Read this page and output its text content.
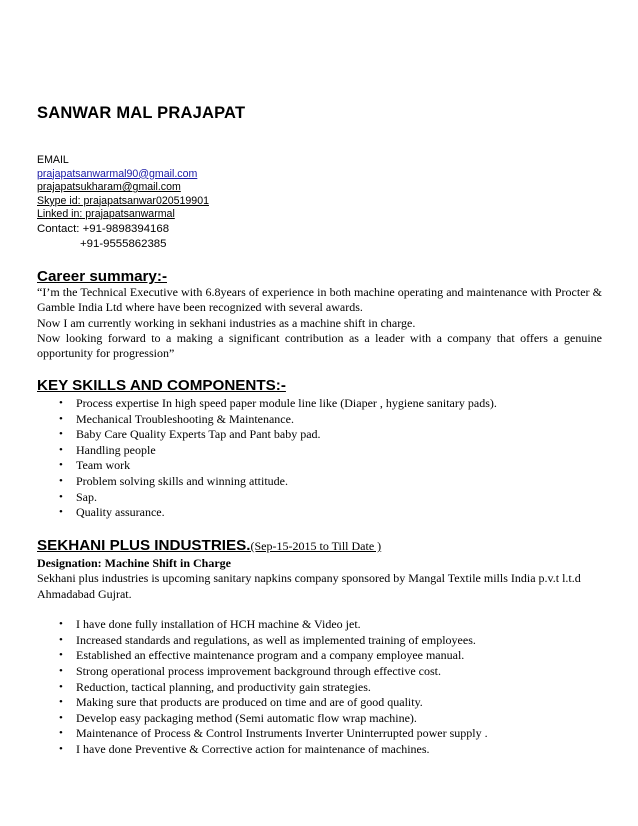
SANWAR MAL PRAJAPAT
EMAIL
prajapatsanwarmal90@gmail.com
prajapatsukharam@gmail.com
Skype id: prajapatsanwar020519901
Linked in: prajapatsanwarmal
Contact: +91-9898394168
+91-9555862385
Career summary:-

“I’m the Technical Executive with 6.8years of experience in both machine operating and maintenance with Procter & Gamble India Ltd where have been recognized with several awards.

Now I am currently working in sekhani industries as a machine shift in charge.

Now looking forward to a making a significant contribution as a leader with a company that offers a genuine opportunity for progression”

KEY SKILLS AND COMPONENTS:-
• Process expertise In high speed paper module line like (Diaper , hygiene sanitary pads).
• Mechanical Troubleshooting & Maintenance.
• Baby Care Quality Experts Tap and Pant baby pad.
• Handling people
• Team work
• Problem solving skills and winning attitude.
• Sap.
• Quality assurance.
SEKHANI PLUS INDUSTRIES.(Sep-15-2015 to Till Date )

Designation: Machine Shift in Charge

Sekhani plus industries is upcoming sanitary napkins company sponsored by Mangal Textile mills India p.v.t l.t.d Ahmadabad Gujrat.

• I have done fully installation of HCH machine & Video jet.
• Increased standards and regulations, as well as implemented training of employees.
• Established an effective maintenance program and a company employee manual.
• Strong operational process improvement background through effective cost.
• Reduction, tactical planning, and productivity gain strategies.
• Making sure that products are produced on time and are of good quality.
• Develop easy packaging method (Semi automatic flow wrap machine).
• Maintenance of Process & Control Instruments Inverter Uninterrupted power supply .
• I have done Preventive & Corrective action for maintenance of machines.
